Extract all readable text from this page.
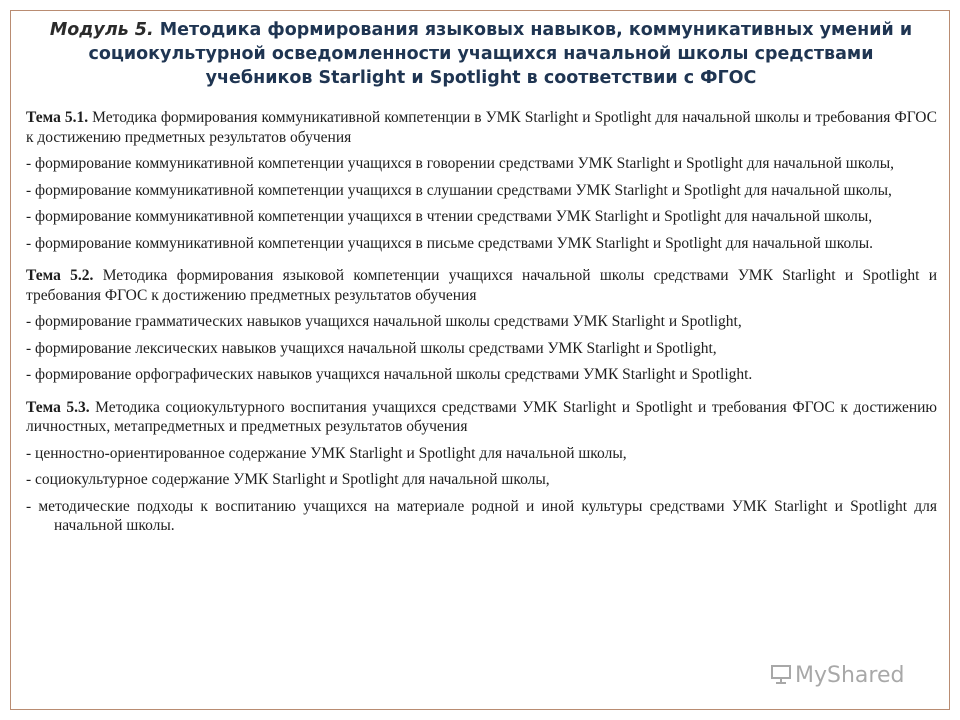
Модуль 5. Методика формирования языковых навыков, коммуникативных умений и социокультурной осведомленности учащихся начальной школы средствами учебников Starlight и Spotlight в соответствии с ФГОС
Тема 5.1. Методика формирования коммуникативной компетенции в УМК Starlight и Spotlight для начальной школы и требования ФГОС к достижению предметных результатов обучения
- формирование коммуникативной компетенции учащихся в говорении средствами УМК Starlight и Spotlight для начальной школы,
- формирование коммуникативной компетенции учащихся в слушании средствами УМК Starlight и Spotlight для начальной школы,
- формирование коммуникативной компетенции учащихся в чтении средствами УМК Starlight и Spotlight для начальной школы,
- формирование коммуникативной компетенции учащихся в письме средствами УМК Starlight и Spotlight для начальной школы.
Тема 5.2. Методика формирования языковой компетенции учащихся начальной школы средствами УМК Starlight и Spotlight и требования ФГОС к достижению предметных результатов обучения
- формирование грамматических навыков учащихся начальной школы средствами УМК Starlight и Spotlight,
- формирование лексических навыков учащихся начальной школы средствами УМК Starlight и Spotlight,
- формирование орфографических навыков учащихся начальной школы средствами УМК Starlight и Spotlight.
Тема 5.3. Методика социокультурного воспитания учащихся средствами УМК Starlight и Spotlight и требования ФГОС к достижению личностных, метапредметных и предметных результатов обучения
- ценностно-ориентированное содержание УМК Starlight и Spotlight для начальной школы,
- социокультурное содержание УМК Starlight и Spotlight для начальной школы,
- методические подходы к воспитанию учащихся на материале родной и иной культуры средствами УМК Starlight и Spotlight для начальной школы.
MyShared
